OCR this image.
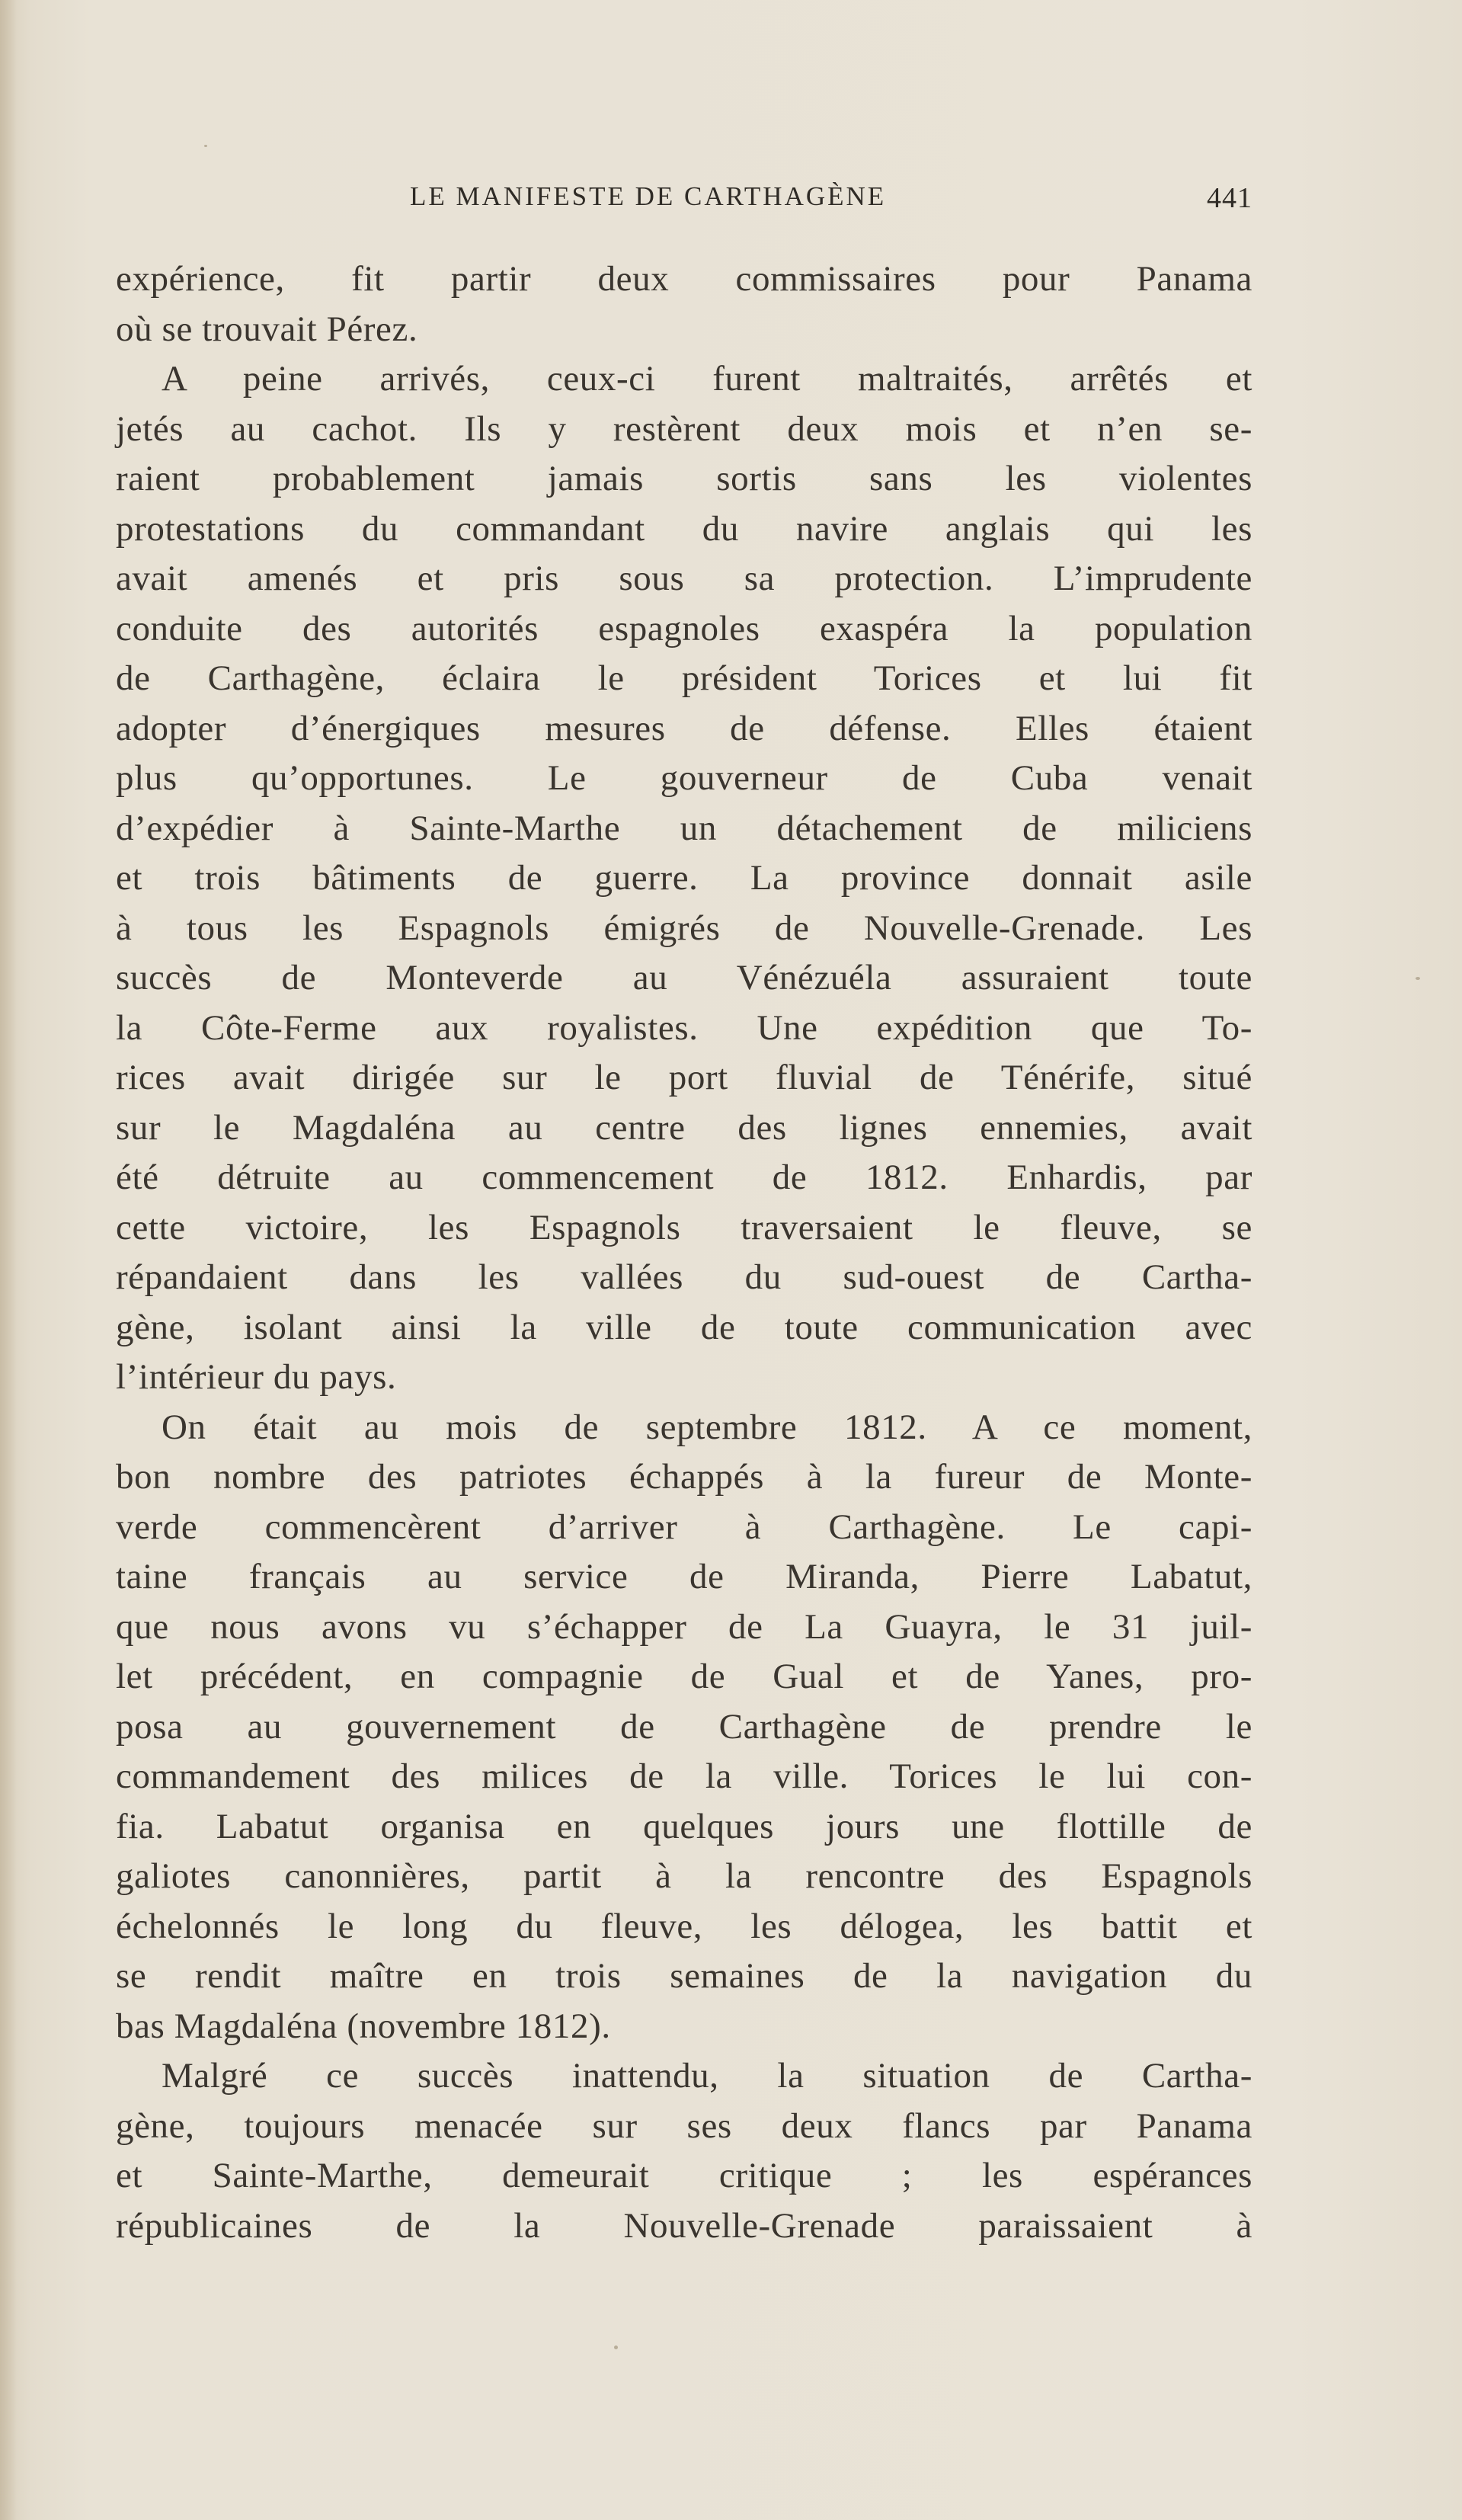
LE MANIFESTE DE CARTHAGÈNE	441
expérience, fit partir deux commissaires pour Panama
où se trouvait Pérez.
A peine arrivés, ceux-ci furent maltraités, arrêtés et
jetés au cachot. Ils y restèrent deux mois et n’en se-
raient probablement jamais sortis sans les violentes
protestations du commandant du navire anglais qui les
avait amenés et pris sous sa protection. L’imprudente
conduite des autorités espagnoles exaspéra la population
de Carthagène, éclaira le président Torices et lui fit
adopter d’énergiques mesures de défense. Elles étaient
plus qu’opportunes. Le gouverneur de Cuba venait
d’expédier à Sainte-Marthe un détachement de miliciens
et trois bâtiments de guerre. La province donnait asile
à tous les Espagnols émigrés de Nouvelle-Grenade. Les
succès de Monteverde au Vénézuéla assuraient toute
la Côte-Ferme aux royalistes. Une expédition que To-
rices avait dirigée sur le port fluvial de Ténérife, situé
sur le Magdaléna au centre des lignes ennemies, avait
été détruite au commencement de 1812. Enhardis, par
cette victoire, les Espagnols traversaient le fleuve, se
répandaient dans les vallées du sud-ouest de Cartha-
gène, isolant ainsi la ville de toute communication avec
l’intérieur du pays.
On était au mois de septembre 1812. A ce moment,
bon nombre des patriotes échappés à la fureur de Monte-
verde commencèrent d’arriver à Carthagène. Le capi-
taine français au service de Miranda, Pierre Labatut,
que nous avons vu s’échapper de La Guayra, le 31 juil-
let précédent, en compagnie de Gual et de Yanes, pro-
posa au gouvernement de Carthagène de prendre le
commandement des milices de la ville. Torices le lui con-
fia. Labatut organisa en quelques jours une flottille de
galiotes canonnières, partit à la rencontre des Espagnols
échelonnés le long du fleuve, les délogea, les battit et
se rendit maître en trois semaines de la navigation du
bas Magdaléna (novembre 1812).
Malgré ce succès inattendu, la situation de Cartha-
gène, toujours menacée sur ses deux flancs par Panama
et Sainte-Marthe, demeurait critique ; les espérances
républicaines de la Nouvelle-Grenade paraissaient à
